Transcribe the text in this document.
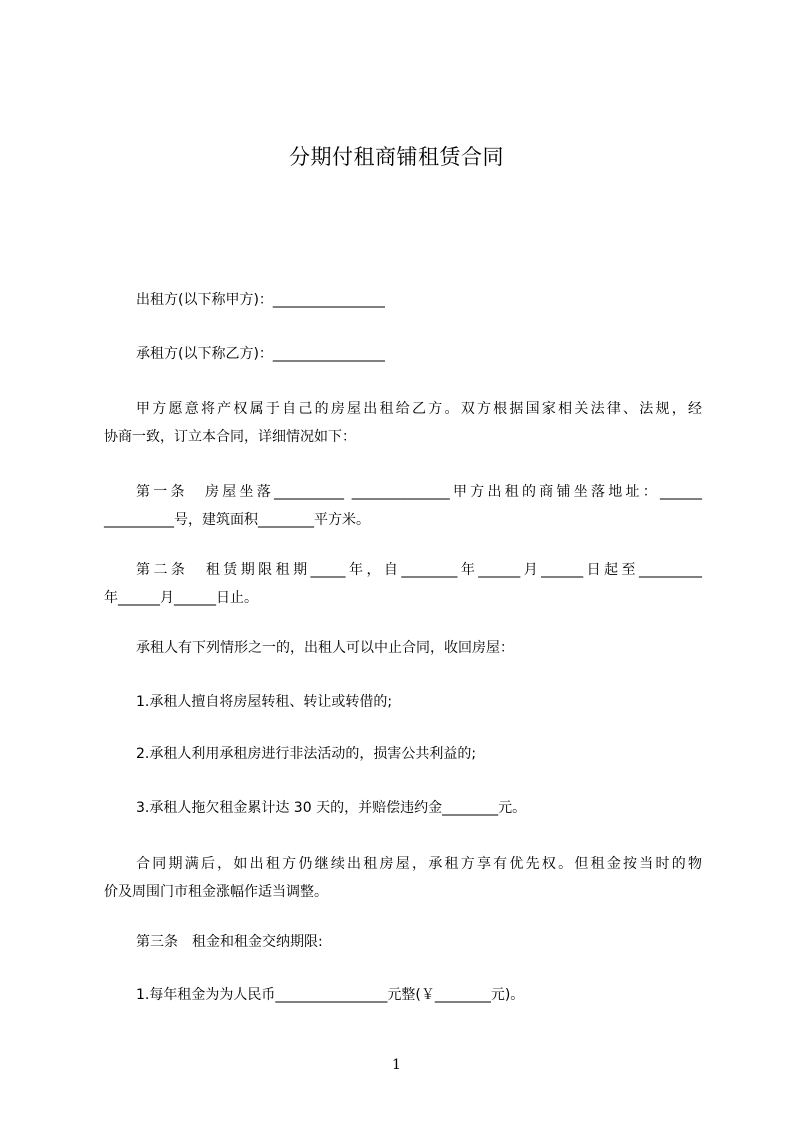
分期付租商铺租赁合同
出租方(以下称甲方)：________________
承租方(以下称乙方)：________________
甲方愿意将产权属于自己的房屋出租给乙方。双方根据国家相关法律、法规，经
协商一致，订立本合同，详细情况如下：
第一条　房屋坐落__________ ______________甲方出租的商铺坐落地址：______
__________号，建筑面积________平方米。
第二条　租赁期限租期_____年，自________年______月______日起至_________
年______月______日止。
承租人有下列情形之一的，出租人可以中止合同，收回房屋：
1.承租人擅自将房屋转租、转让或转借的;
2.承租人利用承租房进行非法活动的，损害公共利益的;
3.承租人拖欠租金累计达 30 天的，并赔偿违约金________元。
合同期满后，如出租方仍继续出租房屋，承租方享有优先权。但租金按当时的物
价及周围门市租金涨幅作适当调整。
第三条　租金和租金交纳期限:
1.每年租金为为人民币________________元整(￥________元)。
1
